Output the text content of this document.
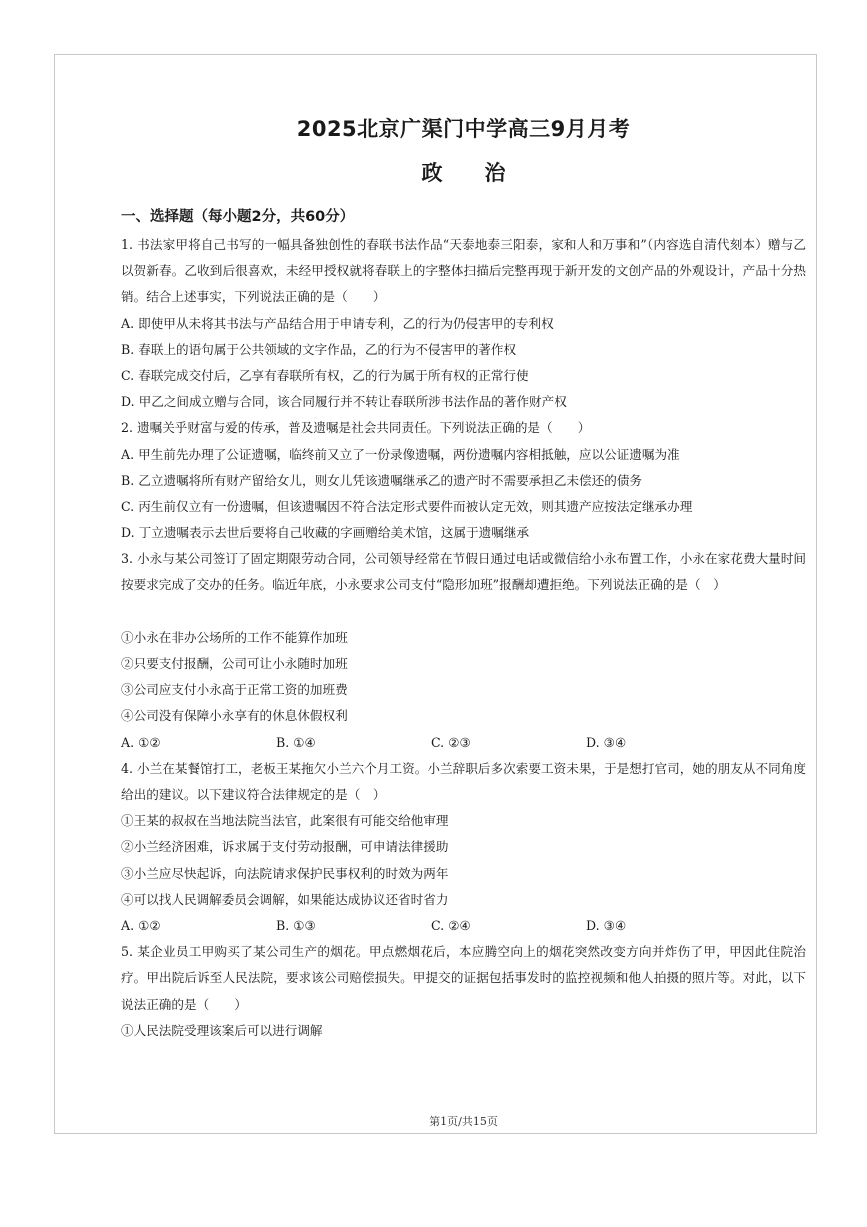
2025北京广渠门中学高三9月月考
政　　治
一、选择题（每小题2分，共60分）
1. 书法家甲将自己书写的一幅具备独创性的春联书法作品“天泰地泰三阳泰，家和人和万事和”（内容选自清代刻本）赠与乙以贺新春。乙收到后很喜欢，未经甲授权就将春联上的字整体扫描后完整再现于新开发的文创产品的外观设计，产品十分热销。结合上述事实，下列说法正确的是（　　）
A. 即使甲从未将其书法与产品结合用于申请专利，乙的行为仍侵害甲的专利权
B. 春联上的语句属于公共领域的文字作品，乙的行为不侵害甲的著作权
C. 春联完成交付后，乙享有春联所有权，乙的行为属于所有权的正常行使
D. 甲乙之间成立赠与合同，该合同履行并不转让春联所涉书法作品的著作财产权
2. 遗嘱关乎财富与爱的传承，普及遗嘱是社会共同责任。下列说法正确的是（　　）
A. 甲生前先办理了公证遗嘱，临终前又立了一份录像遗嘱，两份遗嘱内容相抵触，应以公证遗嘱为准
B. 乙立遗嘱将所有财产留给女儿，则女儿凭该遗嘱继承乙的遗产时不需要承担乙未偿还的债务
C. 丙生前仅立有一份遗嘱，但该遗嘱因不符合法定形式要件而被认定无效，则其遗产应按法定继承办理
D. 丁立遗嘱表示去世后要将自己收藏的字画赠给美术馆，这属于遗嘱继承
3. 小永与某公司签订了固定期限劳动合同，公司领导经常在节假日通过电话或微信给小永布置工作，小永在家花费大量时间按要求完成了交办的任务。临近年底，小永要求公司支付“隐形加班”报酬却遭拒绝。下列说法正确的是（　）
①小永在非办公场所的工作不能算作加班
②只要支付报酬，公司可让小永随时加班
③公司应支付小永高于正常工资的加班费
④公司没有保障小永享有的休息休假权利
A. ①②	B. ①④	C. ②③	D. ③④
4. 小兰在某餐馆打工，老板王某拖欠小兰六个月工资。小兰辞职后多次索要工资未果，于是想打官司，她的朋友从不同角度给出的建议。以下建议符合法律规定的是（　）
①王某的叔叔在当地法院当法官，此案很有可能交给他审理
②小兰经济困难，诉求属于支付劳动报酬，可申请法律援助
③小兰应尽快起诉，向法院请求保护民事权利的时效为两年
④可以找人民调解委员会调解，如果能达成协议还省时省力
A. ①②	B. ①③	C. ②④	D. ③④
5. 某企业员工甲购买了某公司生产的烟花。甲点燃烟花后，本应腾空向上的烟花突然改变方向并炸伤了甲，甲因此住院治疗。甲出院后诉至人民法院，要求该公司赔偿损失。甲提交的证据包括事发时的监控视频和他人拍摄的照片等。对此，以下说法正确的是（　　）
①人民法院受理该案后可以进行调解
第1页/共15页
